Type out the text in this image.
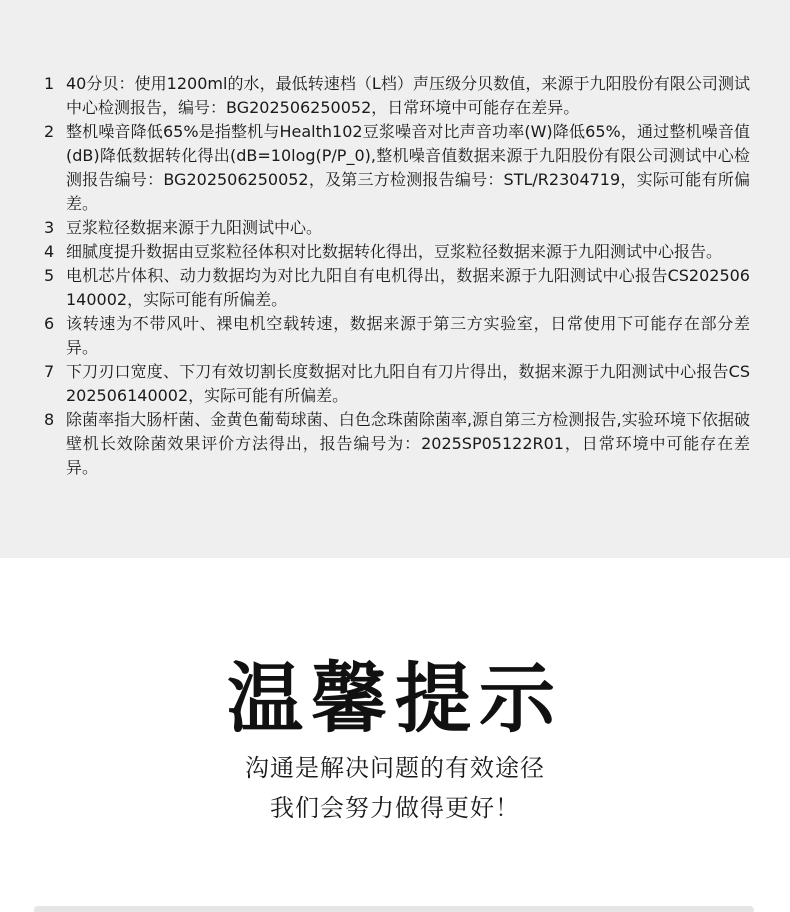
1 40分贝：使用1200ml的水，最低转速档（L档）声压级分贝数值，来源于九阳股份有限公司测试中心检测报告，编号：BG202506250052，日常环境中可能存在差异。
2 整机噪音降低65%是指整机与Health102豆浆噪音对比声音功率(W)降低65%，通过整机噪音值(dB)降低数据转化得出(dB=10log(P/P_0),整机噪音值数据来源于九阳股份有限公司测试中心检测报告编号：BG202506250052，及第三方检测报告编号：STL/R2304719，实际可能有所偏差。
3 豆浆粒径数据来源于九阳测试中心。
4 细腻度提升数据由豆浆粒径体积对比数据转化得出，豆浆粒径数据来源于九阳测试中心报告。
5 电机芯片体积、动力数据均为对比九阳自有电机得出，数据来源于九阳测试中心报告CS202506140002，实际可能有所偏差。
6 该转速为不带风叶、裸电机空载转速，数据来源于第三方实验室，日常使用下可能存在部分差异。
7 下刀刃口宽度、下刀有效切割长度数据对比九阳自有刀片得出，数据来源于九阳测试中心报告CS202506140002，实际可能有所偏差。
8 除菌率指大肠杆菌、金黄色葡萄球菌、白色念珠菌除菌率,源自第三方检测报告,实验环境下依据破壁机长效除菌效果评价方法得出，报告编号为：2025SP05122R01，日常环境中可能存在差异。
温馨提示
沟通是解决问题的有效途径
我们会努力做得更好！
